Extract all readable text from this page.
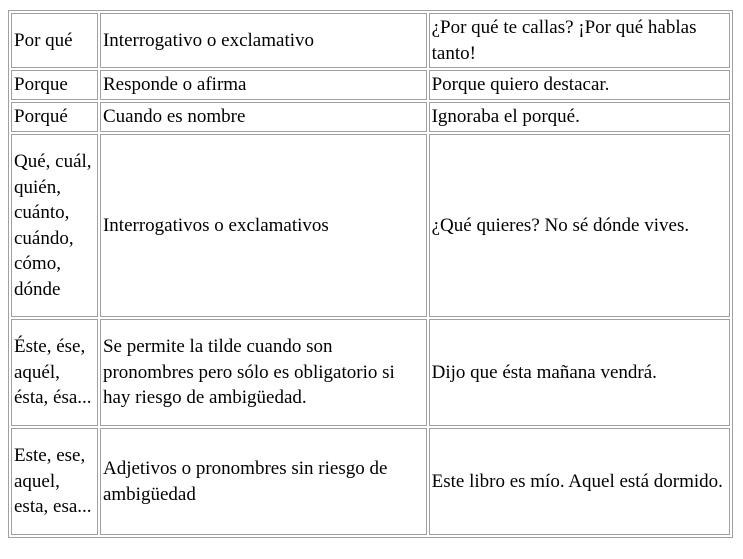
Por qué	Interrogativo o exclamativo	¿Por qué te callas? ¡Por qué hablas tanto!
Porque	Responde o afirma	Porque quiero destacar.
Porqué	Cuando es nombre	Ignoraba el porqué.
Qué, cuál, quién, cuánto, cuándo, cómo, dónde	Interrogativos o exclamativos	¿Qué quieres? No sé dónde vives.
Éste, ése, aquél, ésta, ésa...	Se permite la tilde cuando son pronombres pero sólo es obligatorio si hay riesgo de ambigüedad.	Dijo que ésta mañana vendrá.
Este, ese, aquel, esta, esa...	Adjetivos o pronombres sin riesgo de ambigüedad	Este libro es mío. Aquel está dormido.
